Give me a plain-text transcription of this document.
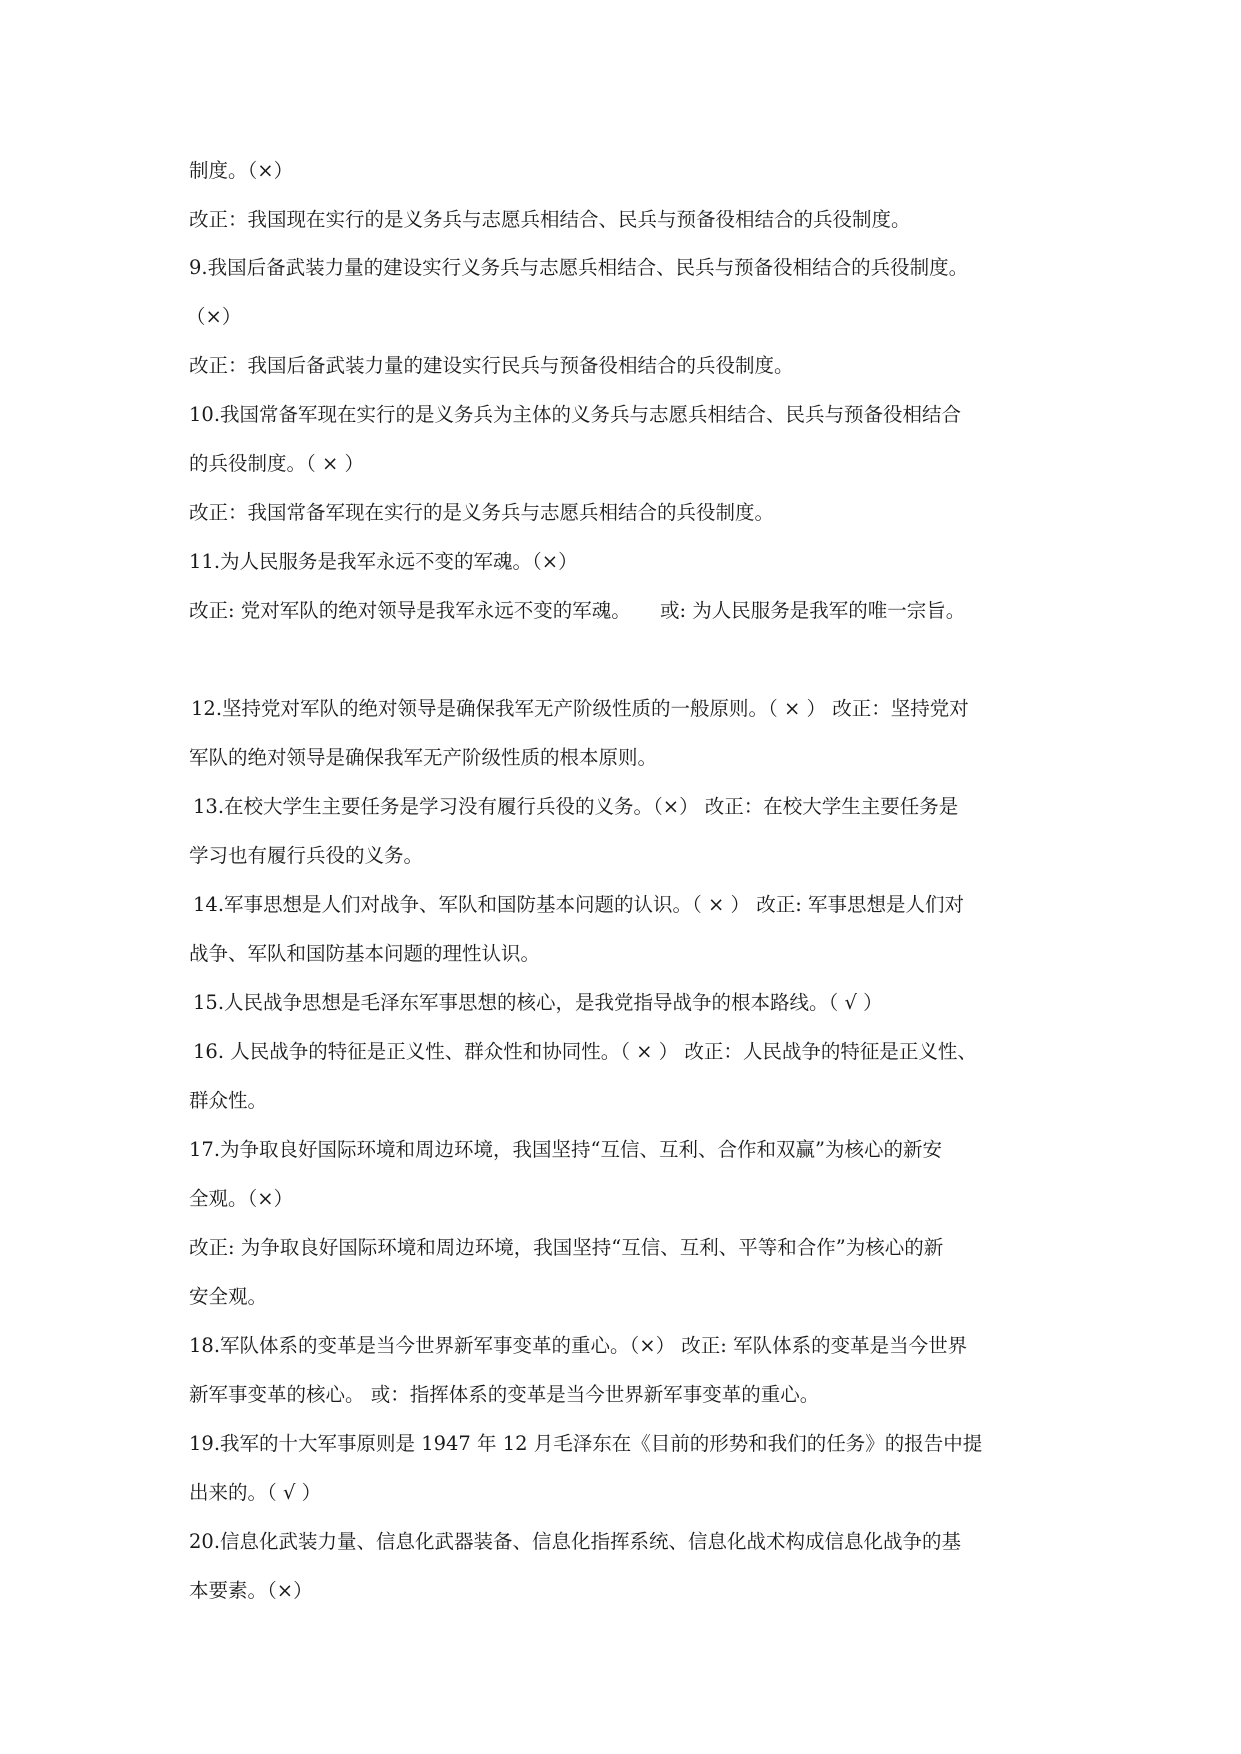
制度。（×）
改正：我国现在实行的是义务兵与志愿兵相结合、民兵与预备役相结合的兵役制度。
9.我国后备武装力量的建设实行义务兵与志愿兵相结合、民兵与预备役相结合的兵役制度。
（×）
改正：我国后备武装力量的建设实行民兵与预备役相结合的兵役制度。
10.我国常备军现在实行的是义务兵为主体的义务兵与志愿兵相结合、民兵与预备役相结合
的兵役制度。（ × ）
改正：我国常备军现在实行的是义务兵与志愿兵相结合的兵役制度。
11.为人民服务是我军永远不变的军魂。（×）
改正: 党对军队的绝对领导是我军永远不变的军魂。　　或: 为人民服务是我军的唯一宗旨。
12.坚持党对军队的绝对领导是确保我军无产阶级性质的一般原则。（ × ） 改正：坚持党对
军队的绝对领导是确保我军无产阶级性质的根本原则。
13.在校大学生主要任务是学习没有履行兵役的义务。（×） 改正：在校大学生主要任务是
学习也有履行兵役的义务。
14.军事思想是人们对战争、军队和国防基本问题的认识。（ × ） 改正: 军事思想是人们对
战争、军队和国防基本问题的理性认识。
15.人民战争思想是毛泽东军事思想的核心，是我党指导战争的根本路线。（ √ ）
16. 人民战争的特征是正义性、群众性和协同性。（ × ） 改正：人民战争的特征是正义性、
群众性。
17.为争取良好国际环境和周边环境，我国坚持“互信、互利、合作和双赢”为核心的新安
全观。（×）
改正: 为争取良好国际环境和周边环境，我国坚持“互信、互利、平等和合作”为核心的新
安全观。
18.军队体系的变革是当今世界新军事变革的重心。（×） 改正: 军队体系的变革是当今世界
新军事变革的核心。 或：指挥体系的变革是当今世界新军事变革的重心。
19.我军的十大军事原则是 1947 年 12 月毛泽东在《目前的形势和我们的任务》的报告中提
出来的。（ √ ）
20.信息化武装力量、信息化武器装备、信息化指挥系统、信息化战术构成信息化战争的基
本要素。（×）
